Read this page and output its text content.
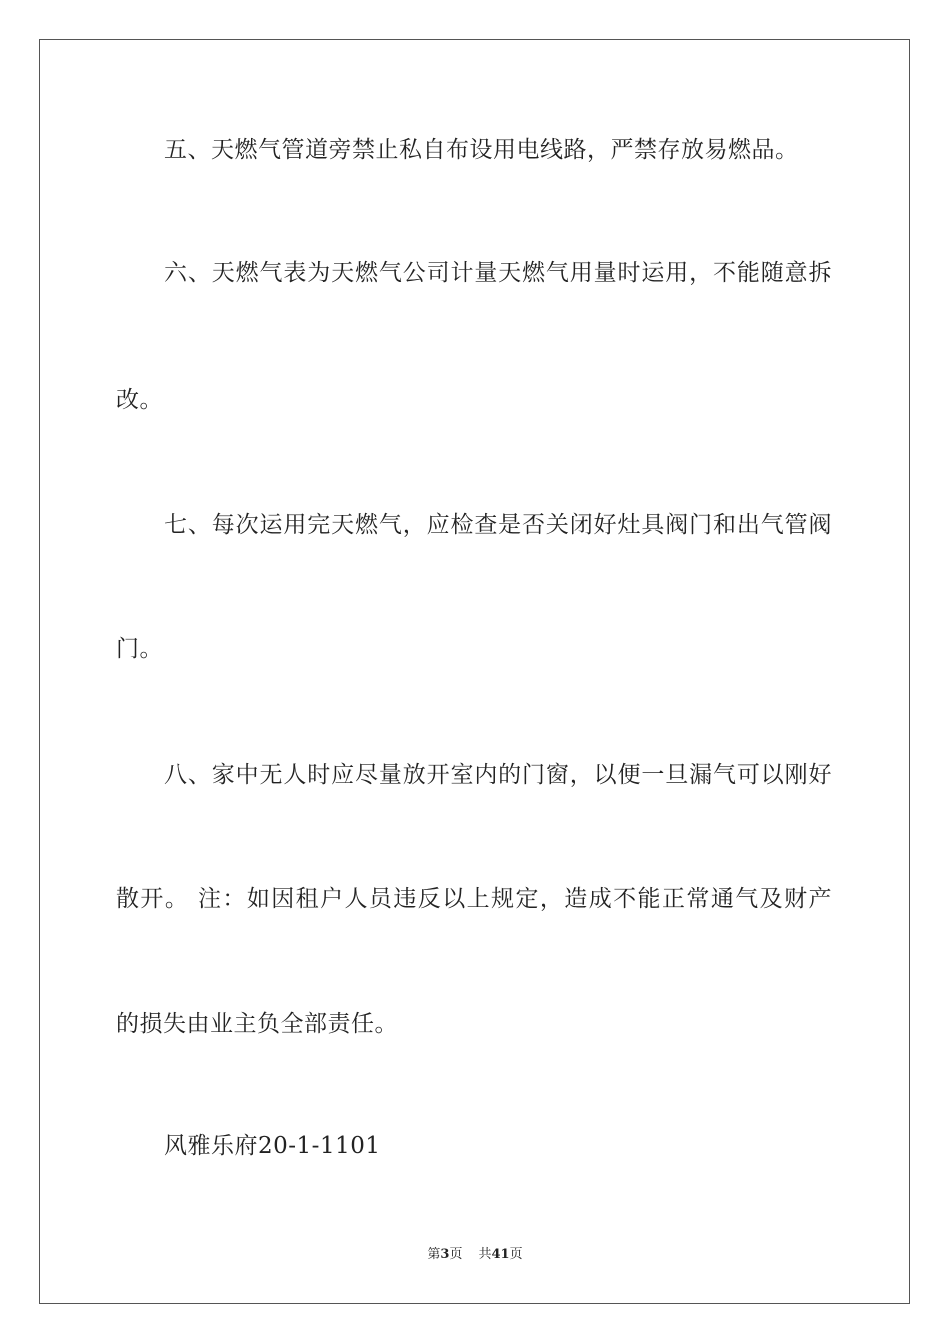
五、天燃气管道旁禁止私自布设用电线路，严禁存放易燃品。
六、天燃气表为天燃气公司计量天燃气用量时运用，不能随意拆
改。
七、每次运用完天燃气，应检查是否关闭好灶具阀门和出气管阀
门。
八、家中无人时应尽量放开室内的门窗，以便一旦漏气可以刚好
散开。 注：如因租户人员违反以上规定，造成不能正常通气及财产
的损失由业主负全部责任。
风雅乐府20-1-1101
第3页 共41页
